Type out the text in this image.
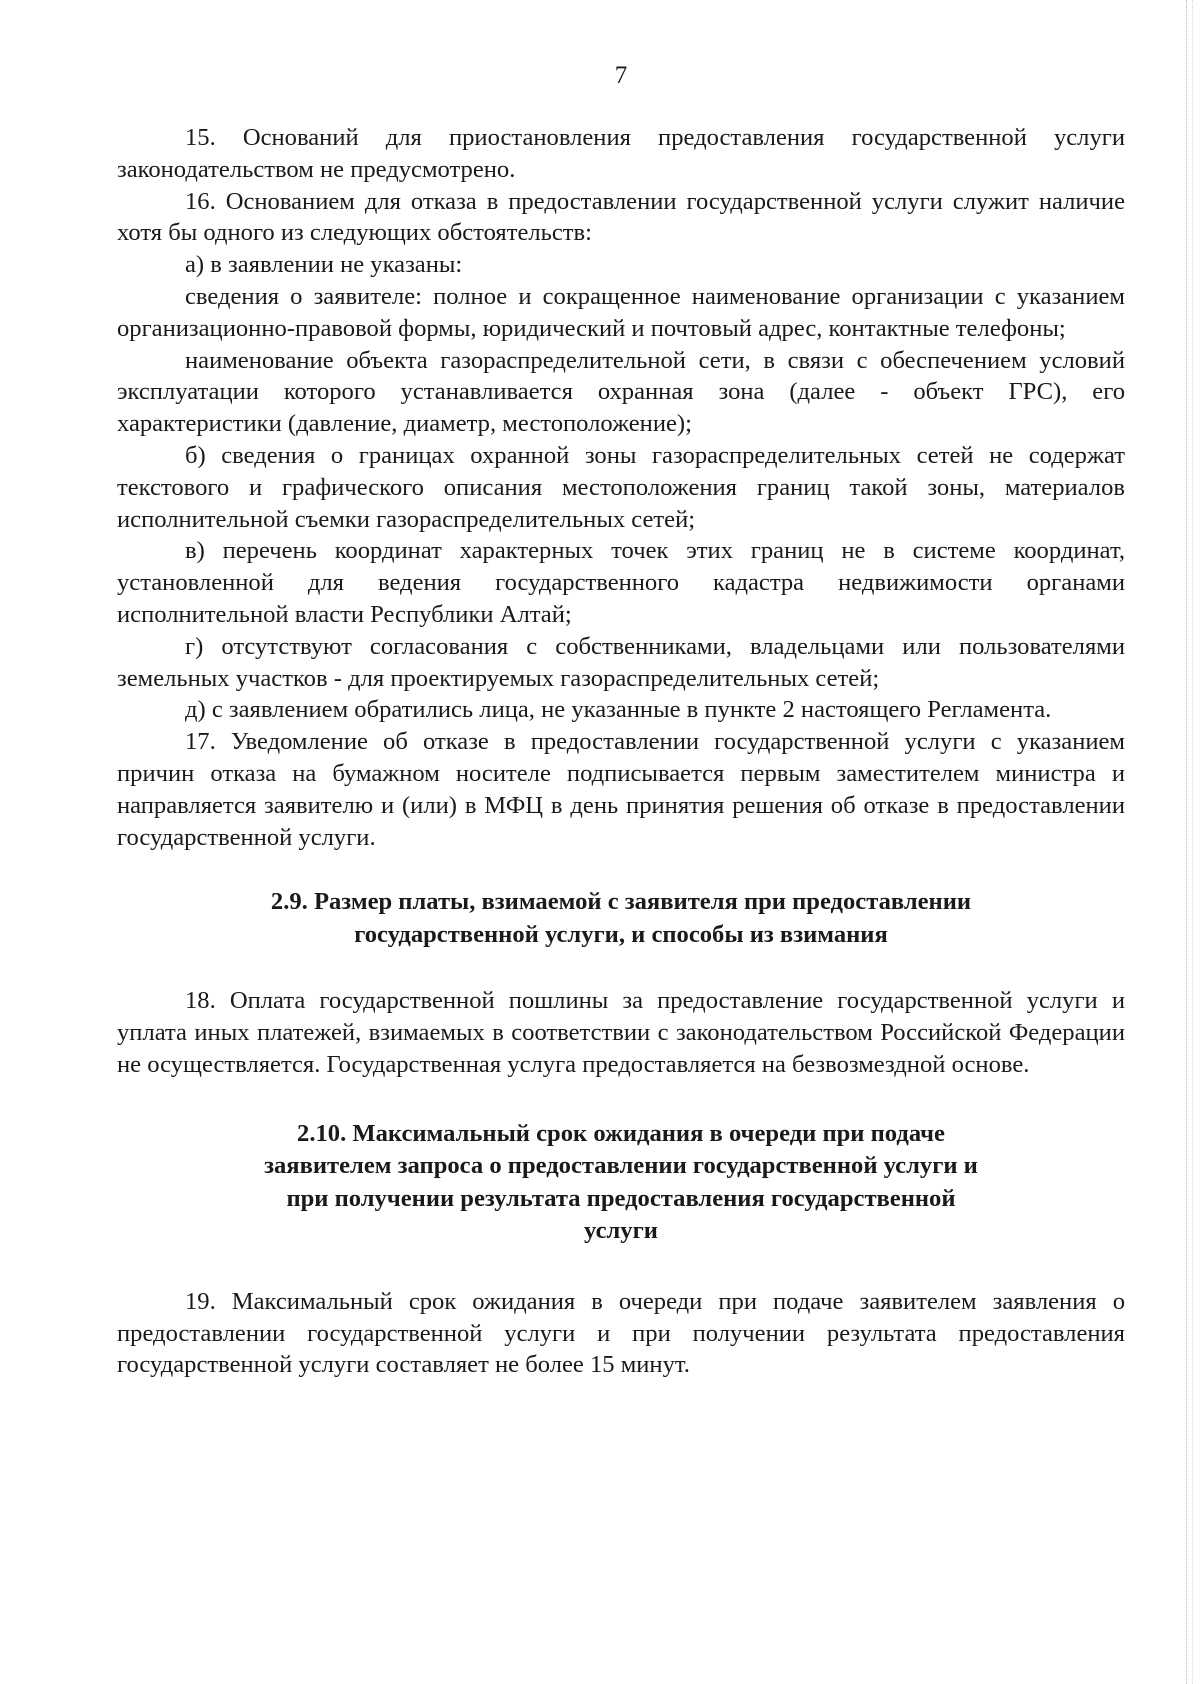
7

15. Оснований для приостановления предоставления государственной услуги законодательством не предусмотрено.

16. Основанием для отказа в предоставлении государственной услуги служит наличие хотя бы одного из следующих обстоятельств:

а) в заявлении не указаны:

сведения о заявителе: полное и сокращенное наименование организации с указанием организационно-правовой формы, юридический и почтовый адрес, контактные телефоны;

наименование объекта газораспределительной сети, в связи с обеспечением условий эксплуатации которого устанавливается охранная зона (далее - объект ГРС), его характеристики (давление, диаметр, местоположение);

б) сведения о границах охранной зоны газораспределительных сетей не содержат текстового и графического описания местоположения границ такой зоны, материалов исполнительной съемки газораспределительных сетей;

в) перечень координат характерных точек этих границ не в системе координат, установленной для ведения государственного кадастра недвижимости органами исполнительной власти Республики Алтай;

г) отсутствуют согласования с собственниками, владельцами или пользователями земельных участков - для проектируемых газораспределительных сетей;

д) с заявлением обратились лица, не указанные в пункте 2 настоящего Регламента.

17. Уведомление об отказе в предоставлении государственной услуги с указанием причин отказа на бумажном носителе подписывается первым заместителем министра и направляется заявителю и (или) в МФЦ в день принятия решения об отказе в предоставлении государственной услуги.

2.9. Размер платы, взимаемой с заявителя при предоставлении государственной услуги, и способы из взимания

18. Оплата государственной пошлины за предоставление государственной услуги и уплата иных платежей, взимаемых в соответствии с законодательством Российской Федерации не осуществляется. Государственная услуга предоставляется на безвозмездной основе.

2.10. Максимальный срок ожидания в очереди при подаче заявителем запроса о предоставлении государственной услуги и при получении результата предоставления государственной услуги

19. Максимальный срок ожидания в очереди при подаче заявителем заявления о предоставлении государственной услуги и при получении результата предоставления государственной услуги составляет не более 15 минут.
